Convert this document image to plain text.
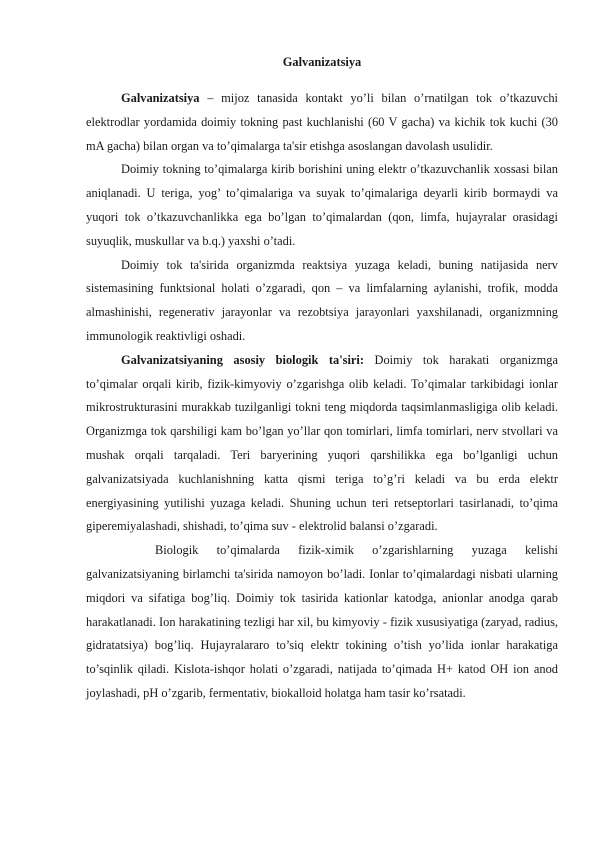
Galvanizatsiya

Galvanizatsiya – mijoz tanasida kontakt yo’li bilan o’rnatilgan tok o’tkazuvchi elektrodlar yordamida doimiy tokning past kuchlanishi (60 V gacha) va kichik tok kuchi (30 mA gacha) bilan organ va to’qimalarga ta'sir etishga asoslangan davolash usulidir.

Doimiy tokning to’qimalarga kirib borishini uning elektr o’tkazuvchanlik xossasi bilan aniqlanadi. U teriga, yog’ to’qimalariga va suyak to’qimalariga deyarli kirib bormaydi va yuqori tok o’tkazuvchanlikka ega bo’lgan to’qimalardan (qon, limfa, hujayralar orasidagi suyuqlik, muskullar va b.q.) yaxshi o’tadi.

Doimiy tok ta'sirida organizmda reaktsiya yuzaga keladi, buning natijasida nerv sistemasining funktsional holati o’zgaradi, qon – va limfalarning aylanishi, trofik, modda almashinishi, regenerativ jarayonlar va rezobtsiya jarayonlari yaxshilanadi, organizmning immunologik reaktivligi oshadi.

Galvanizatsiyaning asosiy biologik ta'siri: Doimiy tok harakati organizmga to’qimalar orqali kirib, fizik-kimyoviy o’zgarishga olib keladi. To’qimalar tarkibidagi ionlar mikrostrukturasini murakkab tuzilganligi tokni teng miqdorda taqsimlanmasligiga olib keladi. Organizmga tok qarshiligi kam bo’lgan yo’llar qon tomirlari, limfa tomirlari, nerv stvollari va mushak orqali tarqaladi. Teri baryerining yuqori qarshilikka ega bo’lganligi uchun galvanizatsiyada kuchlanishning katta qismi teriga to’g’ri keladi va bu erda elektr energiyasining yutilishi yuzaga keladi. Shuning uchun teri retseptorlari tasirlanadi, to’qima giperemiyalashadi, shishadi, to’qima suv - elektrolid balansi o’zgaradi.

Biologik to’qimalarda fizik-ximik o’zgarishlarning yuzaga kelishi galvanizatsiyaning birlamchi ta'sirida namoyon bo’ladi. Ionlar to’qimalardagi nisbati ularning miqdori va sifatiga bog’liq. Doimiy tok tasirida kationlar katodga, anionlar anodga qarab harakatlanadi. Ion harakatining tezligi har xil, bu kimyoviy - fizik xususiyatiga (zaryad, radius, gidratatsiya) bog’liq. Hujayralararo to’siq elektr tokining o’tish yo’lida ionlar harakatiga to’sqinlik qiladi. Kislota-ishqor holati o’zgaradi, natijada to’qimada H+ katod OH ion anod joylashadi, pH o’zgarib, fermentativ, biokalloid holatga ham tasir ko’rsatadi.
